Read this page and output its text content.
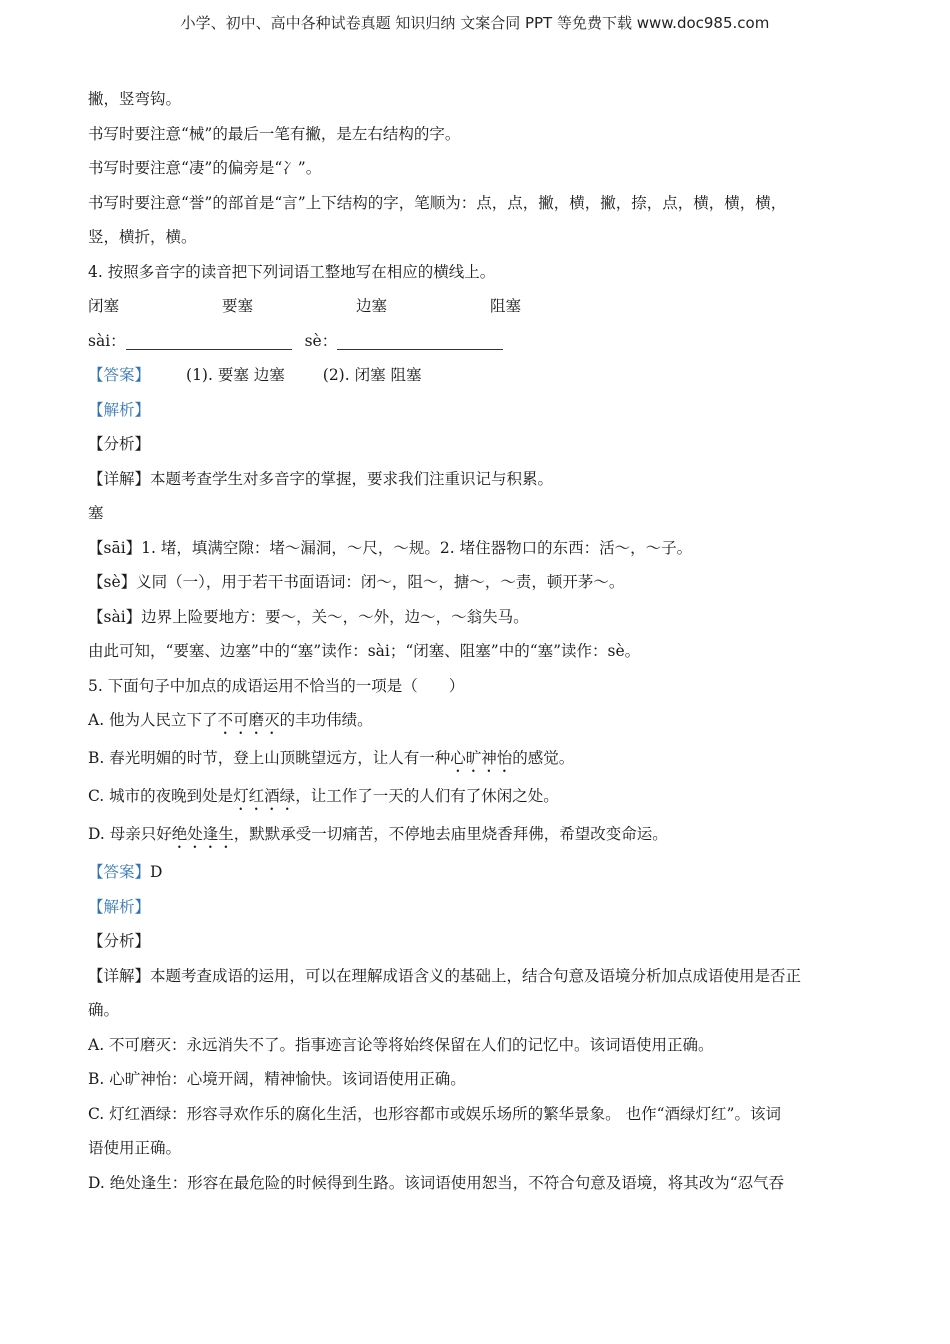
小学、初中、高中各种试卷真题 知识归纳 文案合同 PPT 等免费下载 www.doc985.com
撇，竖弯钩。
书写时要注意“械”的最后一笔有撇，是左右结构的字。
书写时要注意“凄”的偏旁是“冫”。
书写时要注意“誉”的部首是“言”上下结构的字，笔顺为：点，点，撇，横，撇，捺，点，横，横，横，
竖，横折，横。
4. 按照多音字的读音把下列词语工整地写在相应的横线上。
闭塞	要塞	边塞	阻塞
sài：	sè：
【答案】 (1). 要塞 边塞 (2). 闭塞 阻塞
【解析】
【分析】
【详解】本题考查学生对多音字的掌握，要求我们注重识记与积累。
塞
【sāi】1. 堵，填满空隙：堵～漏洞，～尺，～规。2. 堵住器物口的东西：活～，～子。
【sè】义同（一），用于若干书面语词：闭～，阻～，搪～，～责，顿开茅～。
【sài】边界上险要地方：要～，关～，～外，边～，～翁失马。
由此可知，“要塞、边塞”中的“塞”读作：sài；“闭塞、阻塞”中的“塞”读作：sè。
5. 下面句子中加点的成语运用不恰当的一项是（　　）
A. 他为人民立下了不可磨灭的丰功伟绩。
B. 春光明媚的时节，登上山顶眺望远方，让人有一种心旷神怡的感觉。
C. 城市的夜晚到处是灯红酒绿，让工作了一天的人们有了休闲之处。
D. 母亲只好绝处逢生，默默承受一切痛苦，不停地去庙里烧香拜佛，希望改变命运。
【答案】D
【解析】
【分析】
【详解】本题考查成语的运用，可以在理解成语含义的基础上，结合句意及语境分析加点成语使用是否正
确。
A. 不可磨灭：永远消失不了。指事迹言论等将始终保留在人们的记忆中。该词语使用正确。
B. 心旷神怡：心境开阔，精神愉快。该词语使用正确。
C. 灯红酒绿：形容寻欢作乐的腐化生活，也形容都市或娱乐场所的繁华景象。 也作“酒绿灯红”。该词
语使用正确。
D. 绝处逢生：形容在最危险的时候得到生路。该词语使用恕当，不符合句意及语境，将其改为“忍气吞
